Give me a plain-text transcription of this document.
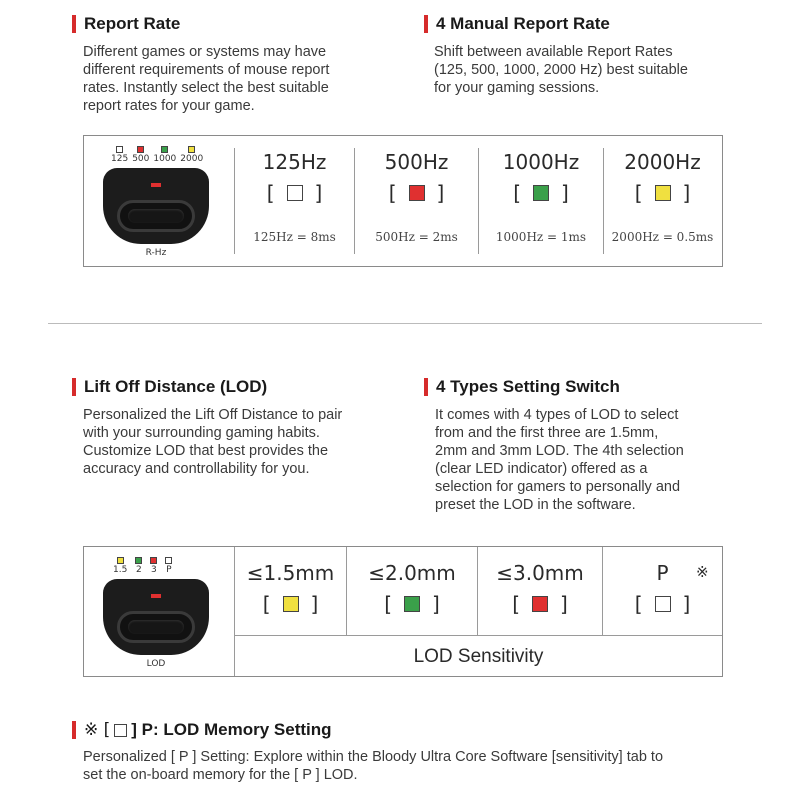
Report Rate
Different games or systems may have
different requirements of mouse report
rates. Instantly select the best suitable
report rates for your game.
4 Manual Report Rate
Shift between available Report Rates
(125, 500, 1000, 2000 Hz) best suitable
for your gaming sessions.
125 500 1000 2000
R-Hz
125Hz
[ ]
125Hz = 8ms
500Hz
[ ]
500Hz = 2ms
1000Hz
[ ]
1000Hz = 1ms
2000Hz
[ ]
2000Hz = 0.5ms
Lift Off Distance (LOD)
Personalized the Lift Off Distance to pair
with your surrounding gaming habits.
Customize LOD that best provides the
accuracy and controllability for you.
4 Types Setting Switch
It comes with 4 types of LOD to select
from and the first three are 1.5mm,
2mm and 3mm LOD. The 4th selection
(clear LED indicator) offered as a
selection for gamers to personally and
preset the LOD in the software.
1.5 2 3 P
LOD
≤1.5mm
[ ]
≤2.0mm
[ ]
≤3.0mm
[ ]
P	※
[ ]
LOD Sensitivity
※ [ ] P: LOD Memory Setting
Personalized [ P ] Setting: Explore within the Bloody Ultra Core Software [sensitivity] tab to
set the on-board memory for the [ P ] LOD.
